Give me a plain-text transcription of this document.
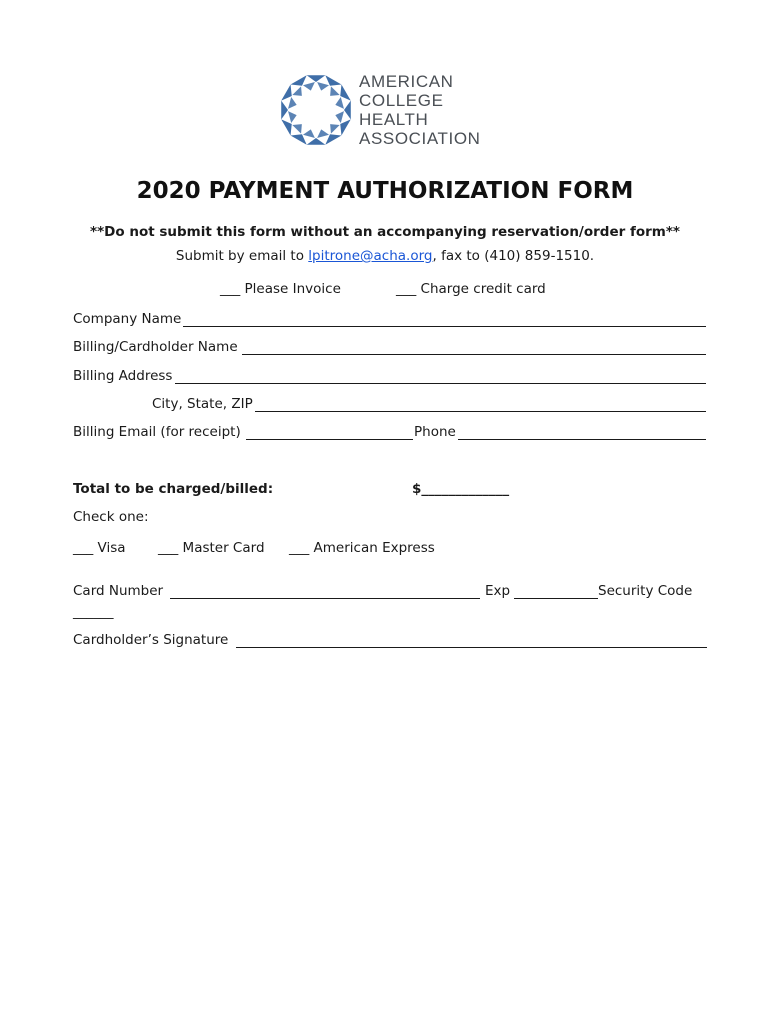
AMERICAN
COLLEGE
HEALTH
ASSOCIATION
2020 PAYMENT AUTHORIZATION FORM
**Do not submit this form without an accompanying reservation/order form**
Submit by email to lpitrone@acha.org, fax to (410) 859-1510.
___ Please Invoice	___ Charge credit card
Company Name
Billing/Cardholder Name
Billing Address
City, State, ZIP
Billing Email (for receipt)	Phone
Total to be charged/billed:	$_____________
Check one:
___ Visa ___ Master Card ___ American Express
Card Number	Exp	Security Code
______
Cardholder’s Signature
